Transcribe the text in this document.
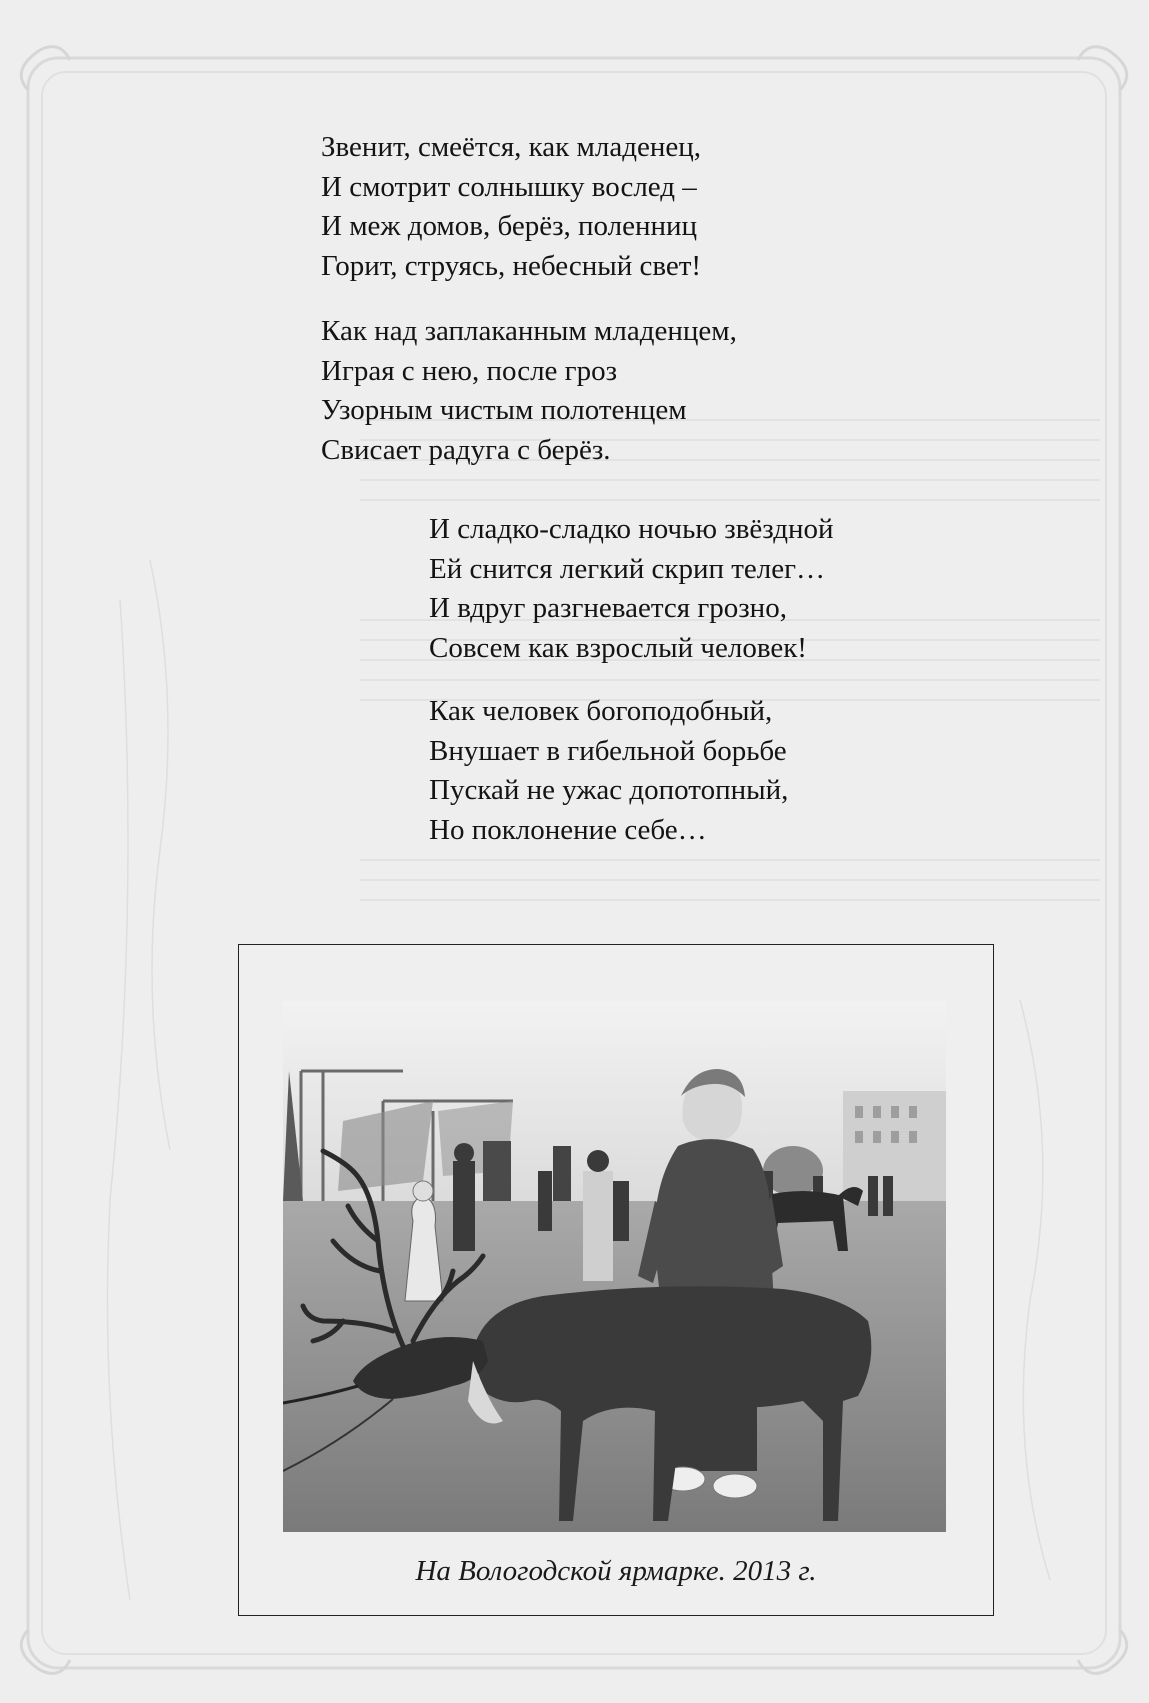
Звенит, смеётся, как младенец,
И смотрит солнышку вослед –
И меж домов, берёз, поленниц
Горит, струясь, небесный свет!
Как над заплаканным младенцем,
Играя с нею, после гроз
Узорным чистым полотенцем
Свисает радуга с берёз.
И сладко-сладко ночью звёздной
Ей снится легкий скрип телег…
И вдруг разгневается грозно,
Совсем как взрослый человек!
Как человек богоподобный,
Внушает в гибельной борьбе
Пускай не ужас допотопный,
Но поклонение себе…
На Вологодской ярмарке. 2013 г.
